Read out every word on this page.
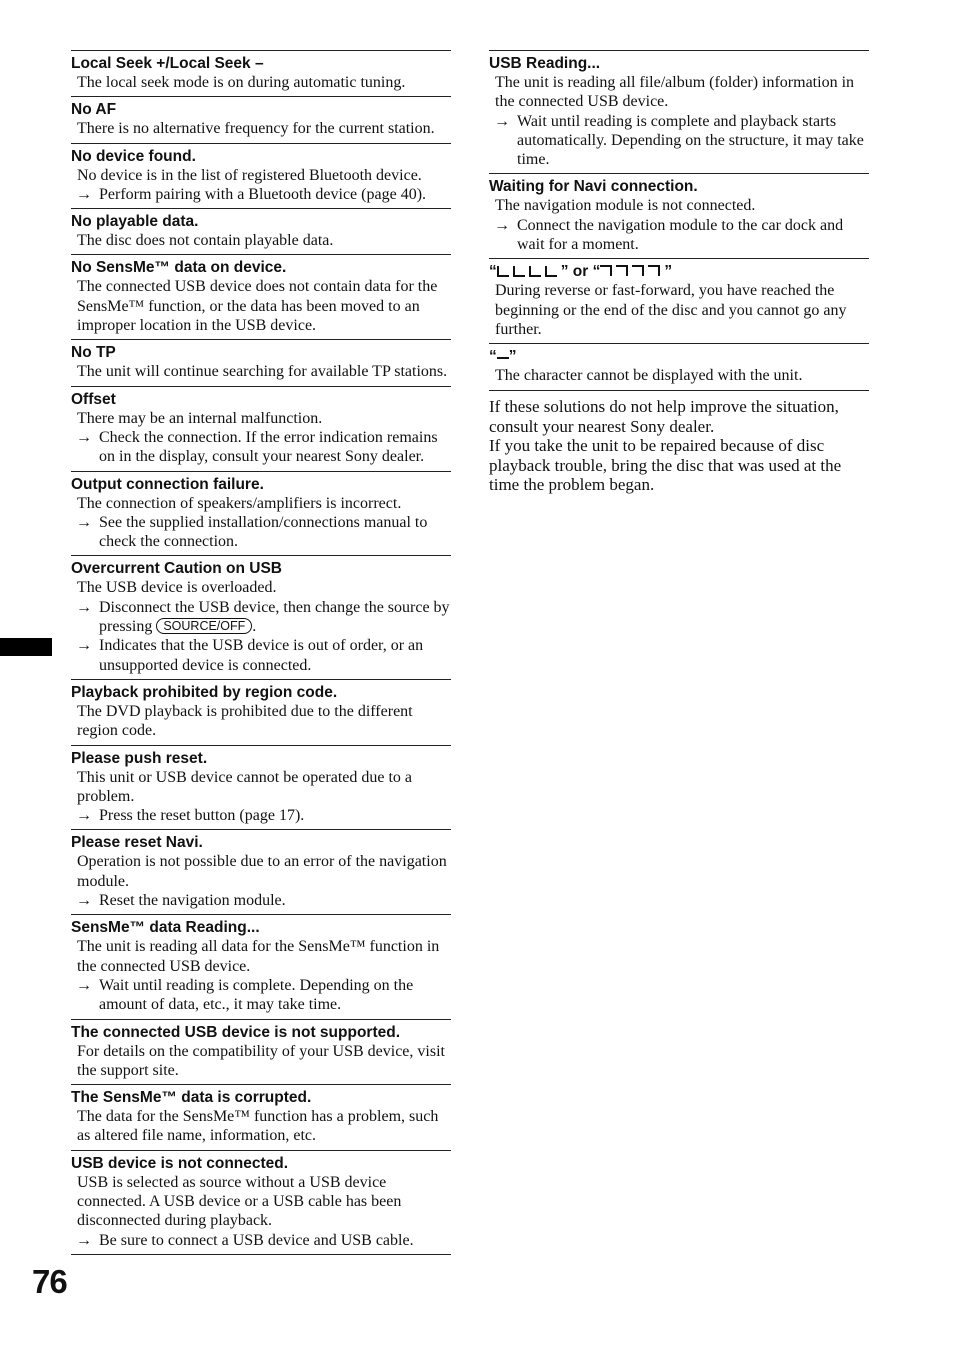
Local Seek +/Local Seek –
The local seek mode is on during automatic tuning.
No AF
There is no alternative frequency for the current station.
No device found.
No device is in the list of registered Bluetooth device.
→ Perform pairing with a Bluetooth device (page 40).
No playable data.
The disc does not contain playable data.
No SensMe™ data on device.
The connected USB device does not contain data for the SensMe™ function, or the data has been moved to an improper location in the USB device.
No TP
The unit will continue searching for available TP stations.
Offset
There may be an internal malfunction.
→ Check the connection. If the error indication remains on in the display, consult your nearest Sony dealer.
Output connection failure.
The connection of speakers/amplifiers is incorrect.
→ See the supplied installation/connections manual to check the connection.
Overcurrent Caution on USB
The USB device is overloaded.
→ Disconnect the USB device, then change the source by pressing SOURCE/OFF .
→ Indicates that the USB device is out of order, or an unsupported device is connected.
Playback prohibited by region code.
The DVD playback is prohibited due to the different region code.
Please push reset.
This unit or USB device cannot be operated due to a problem.
→ Press the reset button (page 17).
Please reset Navi.
Operation is not possible due to an error of the navigation module.
→ Reset the navigation module.
SensMe™ data Reading...
The unit is reading all data for the SensMe™ function in the connected USB device.
→ Wait until reading is complete. Depending on the amount of data, etc., it may take time.
The connected USB device is not supported.
For details on the compatibility of your USB device, visit the support site.
The SensMe™ data is corrupted.
The data for the SensMe™ function has a problem, such as altered file name, information, etc.
USB device is not connected.
USB is selected as source without a USB device connected. A USB device or a USB cable has been disconnected during playback.
→ Be sure to connect a USB device and USB cable.
USB Reading...
The unit is reading all file/album (folder) information in the connected USB device.
→ Wait until reading is complete and playback starts automatically. Depending on the structure, it may take time.
Waiting for Navi connection.
The navigation module is not connected.
→ Connect the navigation module to the car dock and wait for a moment.
“	” or “	”
During reverse or fast-forward, you have reached the beginning or the end of the disc and you cannot go any further.
“ ”
The character cannot be displayed with the unit.
If these solutions do not help improve the situation, consult your nearest Sony dealer.
If you take the unit to be repaired because of disc playback trouble, bring the disc that was used at the time the problem began.
76
